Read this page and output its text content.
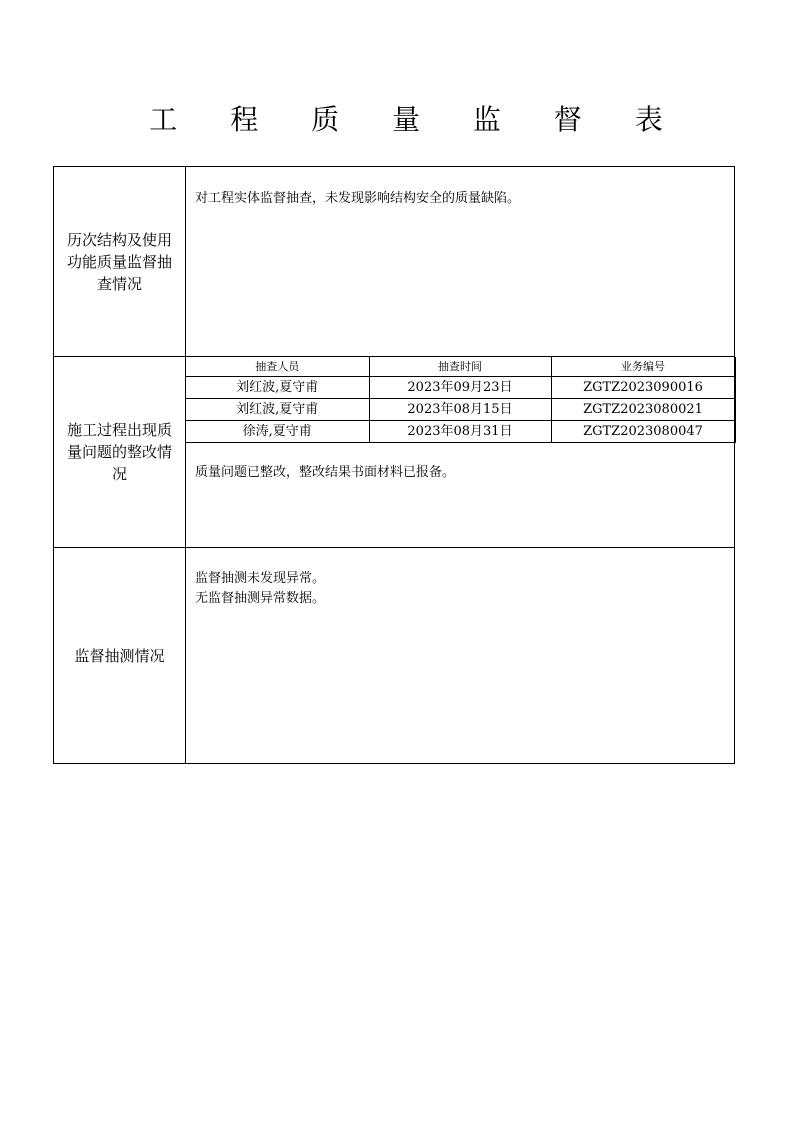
工 程 质 量 监 督 表
历次结构及使用功能质量监督抽查情况
对工程实体监督抽查，未发现影响结构安全的质量缺陷。
施工过程出现质量问题的整改情况
抽查人员	抽查时间	业务编号
刘红波,夏守甫	2023年09月23日	ZGTZ2023090016
刘红波,夏守甫	2023年08月15日	ZGTZ2023080021
徐涛,夏守甫	2023年08月31日	ZGTZ2023080047
质量问题已整改，整改结果书面材料已报备。
监督抽测情况
监督抽测未发现异常。
无监督抽测异常数据。
